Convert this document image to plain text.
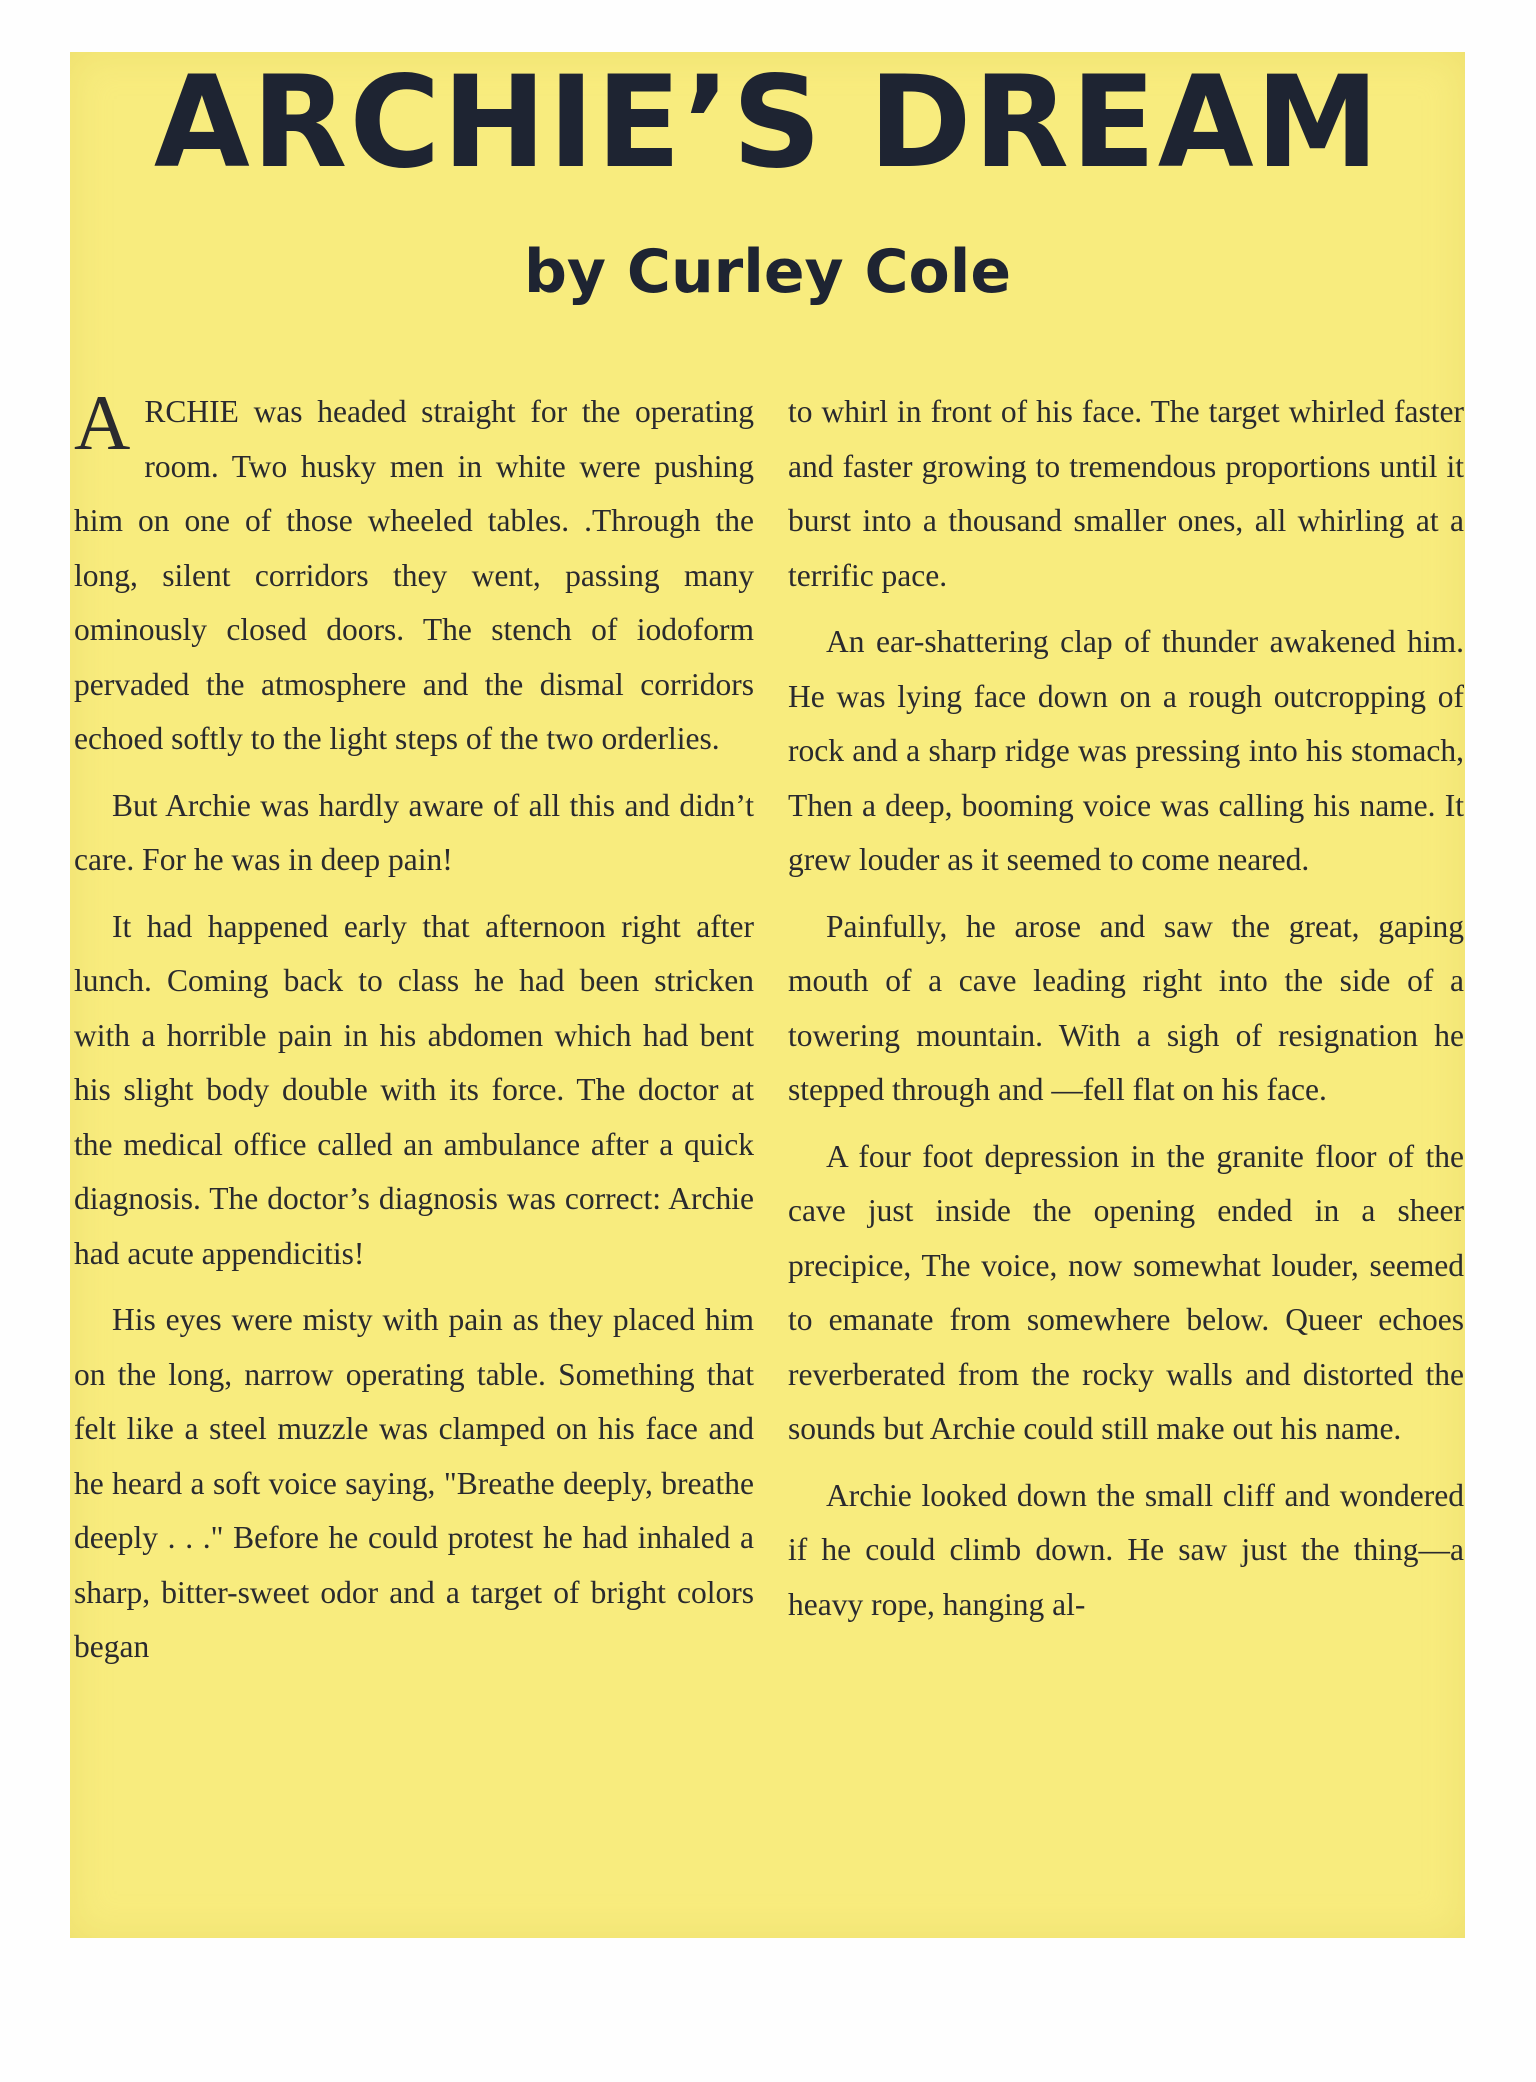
ARCHIE’S DREAM
by Curley Cole

ARCHIE was headed straight for the operating room. Two husky men in white were pushing him on one of those wheeled tables. .Through the long, silent corridors they went, passing many ominously closed doors. The stench of iodoform pervaded the atmosphere and the dismal corridors echoed softly to the light steps of the two orderlies.

But Archie was hardly aware of all this and didn’t care. For he was in deep pain!

It had happened early that afternoon right after lunch. Coming back to class he had been stricken with a horrible pain in his abdomen which had bent his slight body double with its force. The doctor at the medical office called an ambulance after a quick diagnosis. The doctor’s diagnosis was correct: Archie had acute appendicitis!

His eyes were misty with pain as they placed him on the long, narrow operating table. Something that felt like a steel muzzle was clamped on his face and he heard a soft voice saying, "Breathe deeply, breathe deeply . . ." Before he could protest he had inhaled a sharp, bitter-sweet odor and a target of bright colors began

to whirl in front of his face. The target whirled faster and faster growing to tremendous proportions until it burst into a thousand smaller ones, all whirling at a terrific pace.

An ear-shattering clap of thunder awakened him. He was lying face down on a rough outcropping of rock and a sharp ridge was pressing into his stomach, Then a deep, booming voice was calling his name. It grew louder as it seemed to come neared.

Painfully, he arose and saw the great, gaping mouth of a cave leading right into the side of a towering mountain. With a sigh of resignation he stepped through and —fell flat on his face.

A four foot depression in the granite floor of the cave just inside the opening ended in a sheer precipice, The voice, now somewhat louder, seemed to emanate from somewhere below. Queer echoes reverberated from the rocky walls and distorted the sounds but Archie could still make out his name.

Archie looked down the small cliff and wondered if he could climb down. He saw just the thing—a heavy rope, hanging al-
